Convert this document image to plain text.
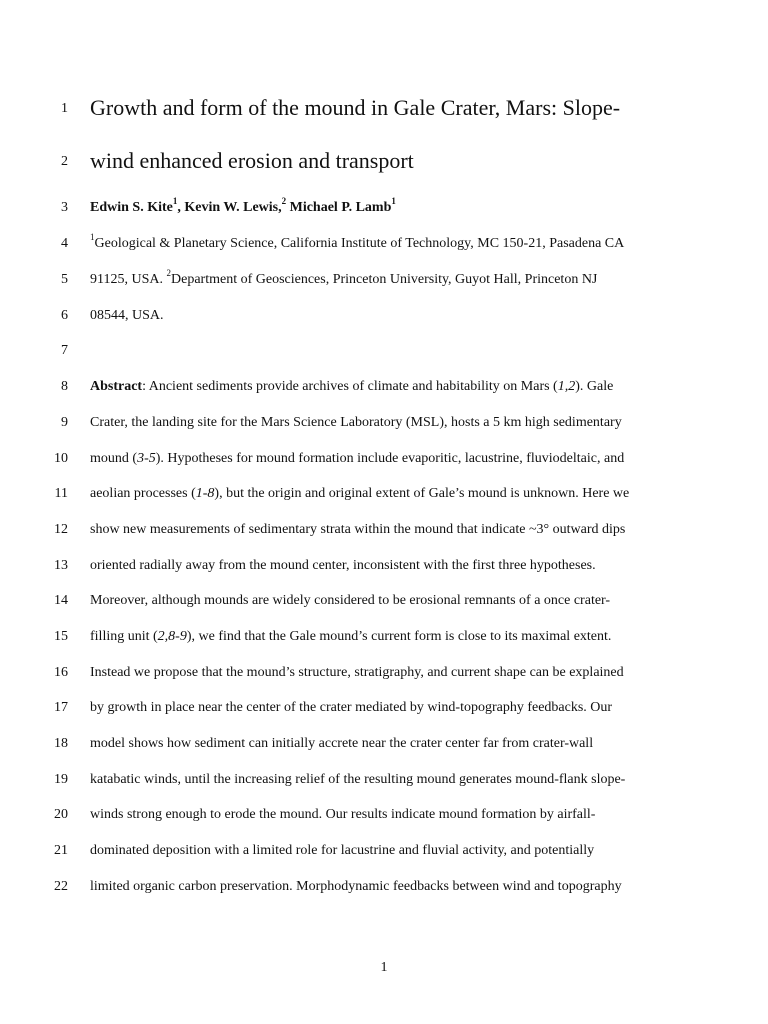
1 Growth and form of the mound in Gale Crater, Mars: Slope-
2 wind enhanced erosion and transport
3 Edwin S. Kite$^1$, Kevin W. Lewis,$^2$ Michael P. Lamb$^1$
4 $^1$Geological & Planetary Science, California Institute of Technology, MC 150-21, Pasadena CA
5 91125, USA. $^2$Department of Geosciences, Princeton University, Guyot Hall, Princeton NJ
6 08544, USA.
7
8 Abstract: Ancient sediments provide archives of climate and habitability on Mars (1,2). Gale
9 Crater, the landing site for the Mars Science Laboratory (MSL), hosts a 5 km high sedimentary
10 mound (3-5). Hypotheses for mound formation include evaporitic, lacustrine, fluviodeltaic, and
11 aeolian processes (1-8), but the origin and original extent of Gale’s mound is unknown. Here we
12 show new measurements of sedimentary strata within the mound that indicate ~3° outward dips
13 oriented radially away from the mound center, inconsistent with the first three hypotheses.
14 Moreover, although mounds are widely considered to be erosional remnants of a once crater-
15 filling unit (2,8-9), we find that the Gale mound’s current form is close to its maximal extent.
16 Instead we propose that the mound’s structure, stratigraphy, and current shape can be explained
17 by growth in place near the center of the crater mediated by wind-topography feedbacks. Our
18 model shows how sediment can initially accrete near the crater center far from crater-wall
19 katabatic winds, until the increasing relief of the resulting mound generates mound-flank slope-
20 winds strong enough to erode the mound. Our results indicate mound formation by airfall-
21 dominated deposition with a limited role for lacustrine and fluvial activity, and potentially
22 limited organic carbon preservation. Morphodynamic feedbacks between wind and topography
1
